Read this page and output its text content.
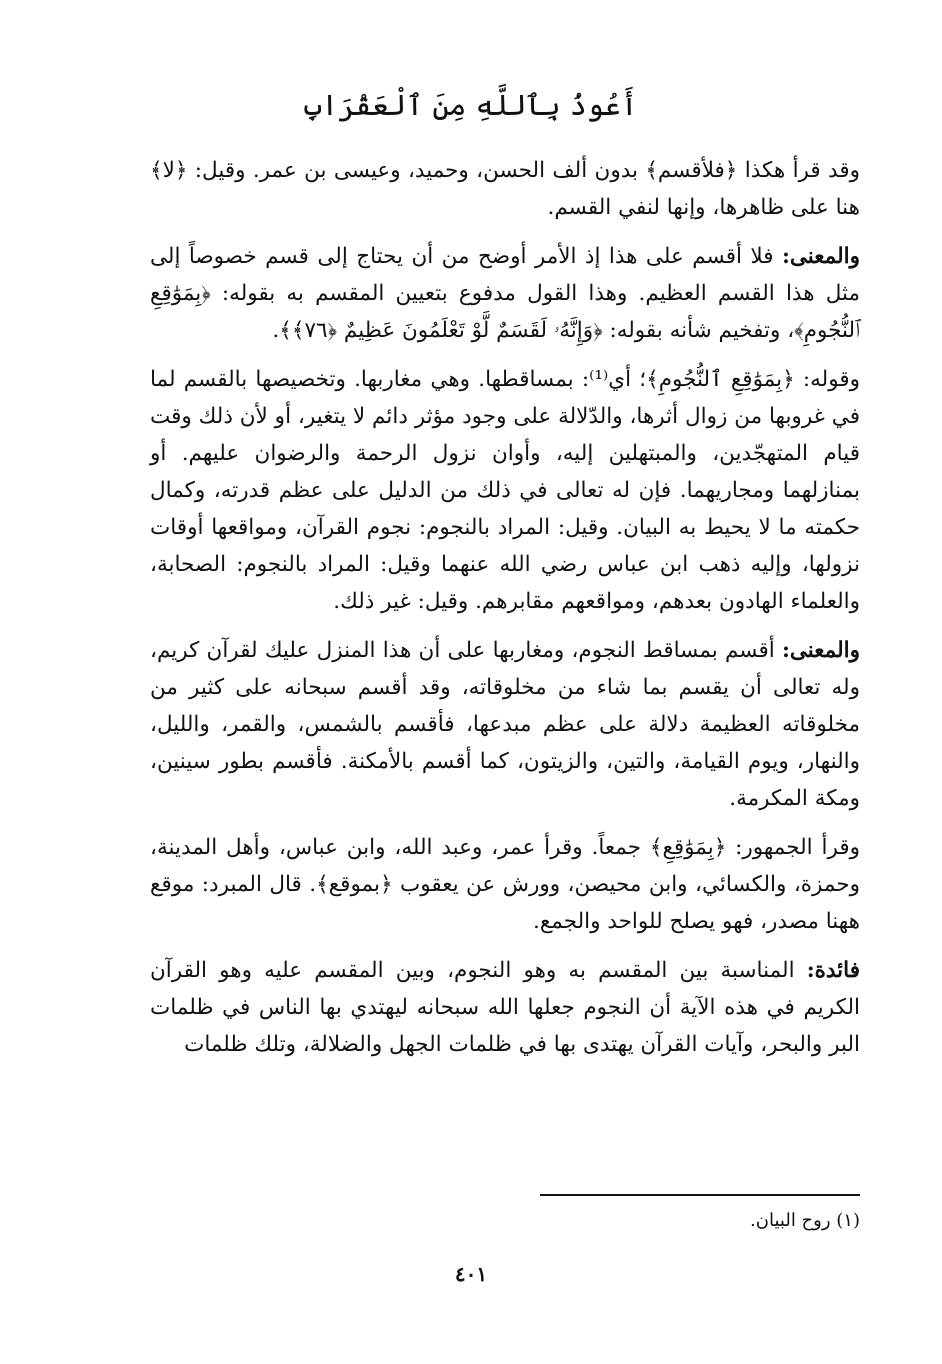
أَعُوذُ بِٱللَّهِ مِنَ ٱلْعَقْرَابِ

وقد قرأ هكذا ﴿فلأقسم﴾ بدون ألف الحسن، وحميد، وعيسى بن عمر. وقيل: ﴿لا﴾ هنا على ظاهرها، وإنها لنفي القسم.

والمعنى: فلا أقسم على هذا إذ الأمر أوضح من أن يحتاج إلى قسم خصوصاً إلى مثل هذا القسم العظيم. وهذا القول مدفوع بتعيين المقسم به بقوله: ﴿بِمَوَٰقِعِ ٱلنُّجُومِ﴾، وتفخيم شأنه بقوله: ﴿وَإِنَّهُۥ لَقَسَمٌ لَّوْ تَعْلَمُونَ عَظِيمٌ ﴿٧٦﴾﴾.

وقوله: ﴿بِمَوَٰقِعِ ٱلنُّجُومِ﴾؛ أي⁽¹⁾: بمساقطها. وهي مغاربها. وتخصيصها بالقسم لما في غروبها من زوال أثرها، والدّلالة على وجود مؤثر دائم لا يتغير، أو لأن ذلك وقت قيام المتهجّدين، والمبتهلين إليه، وأوان نزول الرحمة والرضوان عليهم. أو بمنازلهما ومجاريهما. فإن له تعالى في ذلك من الدليل على عظم قدرته، وكمال حكمته ما لا يحيط به البيان. وقيل: المراد بالنجوم: نجوم القرآن، ومواقعها أوقات نزولها، وإليه ذهب ابن عباس رضي الله عنهما وقيل: المراد بالنجوم: الصحابة، والعلماء الهادون بعدهم، ومواقعهم مقابرهم. وقيل: غير ذلك.

والمعنى: أقسم بمساقط النجوم، ومغاربها على أن هذا المنزل عليك لقرآن كريم، وله تعالى أن يقسم بما شاء من مخلوقاته، وقد أقسم سبحانه على كثير من مخلوقاته العظيمة دلالة على عظم مبدعها، فأقسم بالشمس، والقمر، والليل، والنهار، ويوم القيامة، والتين، والزيتون، كما أقسم بالأمكنة. فأقسم بطور سينين، ومكة المكرمة.

وقرأ الجمهور: ﴿بِمَوَٰقِعِ﴾ جمعاً. وقرأ عمر، وعبد الله، وابن عباس، وأهل المدينة، وحمزة، والكسائي، وابن محيصن، وورش عن يعقوب ﴿بموقع﴾. قال المبرد: موقع ههنا مصدر، فهو يصلح للواحد والجمع.

فائدة: المناسبة بين المقسم به وهو النجوم، وبين المقسم عليه وهو القرآن الكريم في هذه الآية أن النجوم جعلها الله سبحانه ليهتدي بها الناس في ظلمات البر والبحر، وآيات القرآن يهتدى بها في ظلمات الجهل والضلالة، وتلك ظلمات

(١) روح البيان.
٤٠١
